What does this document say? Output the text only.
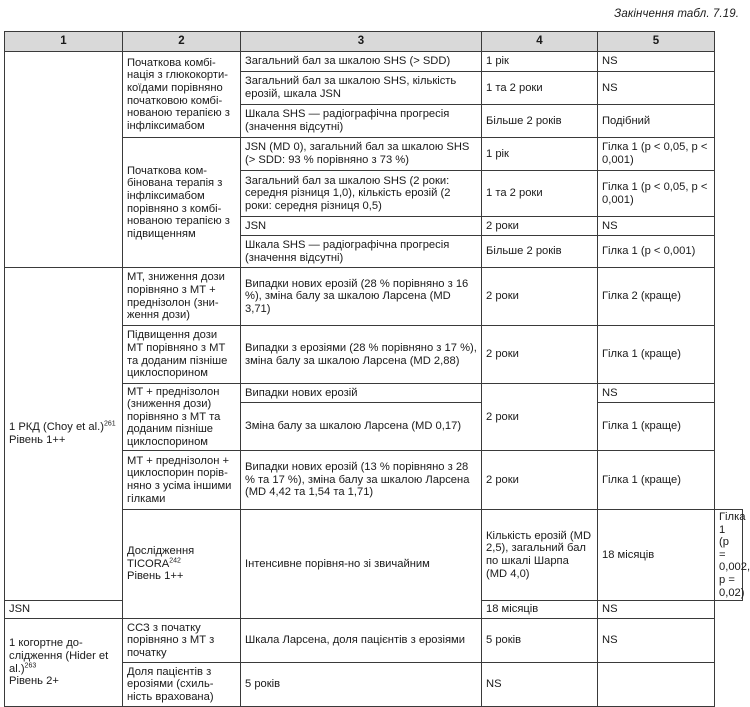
Закінчення табл. 7.19.
1	2	3	4	5	
	Початкова комбі-нація з глюкокорти-коїдами порівняно початковою комбі-нованою терапією з інфліксимабом	Загальний бал за шкалою SHS (> SDD)	1 рік	NS	
		Загальний бал за шкалою SHS, кількість ерозій, шкала JSN	1 та 2 роки	NS	
		Шкала SHS — радіографічна прогресія (значення відсутні)	Більше 2 років	Подібний	
	Початкова ком-бінована терапія з інфліксимабом порівняно з комбі-нованою терапією з підвищенням	JSN (MD 0), загальний бал за шкалою SHS (> SDD: 93 % порівняно з 73 %)	1 рік	Гілка 1 (p < 0,05, p < 0,001)	
		Загальний бал за шкалою SHS (2 роки: середня різниця 1,0), кількість ерозій (2 роки: середня різниця 0,5)	1 та 2 роки	Гілка 1 (p < 0,05, p < 0,001)	
		JSN	2 роки	NS	
		Шкала SHS — радіографічна прогресія (значення відсутні)	Більше 2 років	Гілка 1 (p < 0,001)	
1 РКД (Choy et al.)$^{261}$
Рівень 1++	МТ, зниження дози порівняно з МТ + преднізолон (зни-ження дози)	Випадки нових ерозій (28 % порівняно з 16 %), зміна балу за шкалою Ларсена (MD 3,71)	2 роки	Гілка 2 (краще)	
	Підвищення дози МТ порівняно з МТ та доданим пізніше циклоспорином	Випадки з ерозіями (28 % порівняно з 17 %), зміна балу за шкалою Ларсена (MD 2,88)	2 роки	Гілка 1 (краще)	
	МТ + преднізолон (зниження дози) порівняно з МТ та доданим пізніше циклоспорином	Випадки нових ерозій	2 роки	NS	
		Зміна балу за шкалою Ларсена (MD 0,17)		Гілка 1 (краще)	
	МТ + преднізолон + циклоспорин порів-няно з усіма іншими гілками	Випадки нових ерозій (13 % порівняно з 28 % та 17 %), зміна балу за шкалою Ларсена (MD 4,42 та 1,54 та 1,71)	2 роки	Гілка 1 (краще)	
	Дослідження TICORA$^{242}$
Рівень 1++	Інтенсивне порівня-но зі звичайним	Кількість ерозій (MD 2,5), загальний бал по шкалі Шарпа (MD 4,0)	18 місяців	Гілка 1 (p = 0,002, p = 0,02)
JSN			18 місяців	NS	
1 когортне до-слідження (Hider et al.)$^{263}$
Рівень 2+	ССЗ з початку порівняно з МТ з початку	Шкала Ларсена, доля пацієнтів з ерозіями	5 років	NS	
	Доля пацієнтів з ерозіями (схиль-ність врахована)	5 років	NS		
